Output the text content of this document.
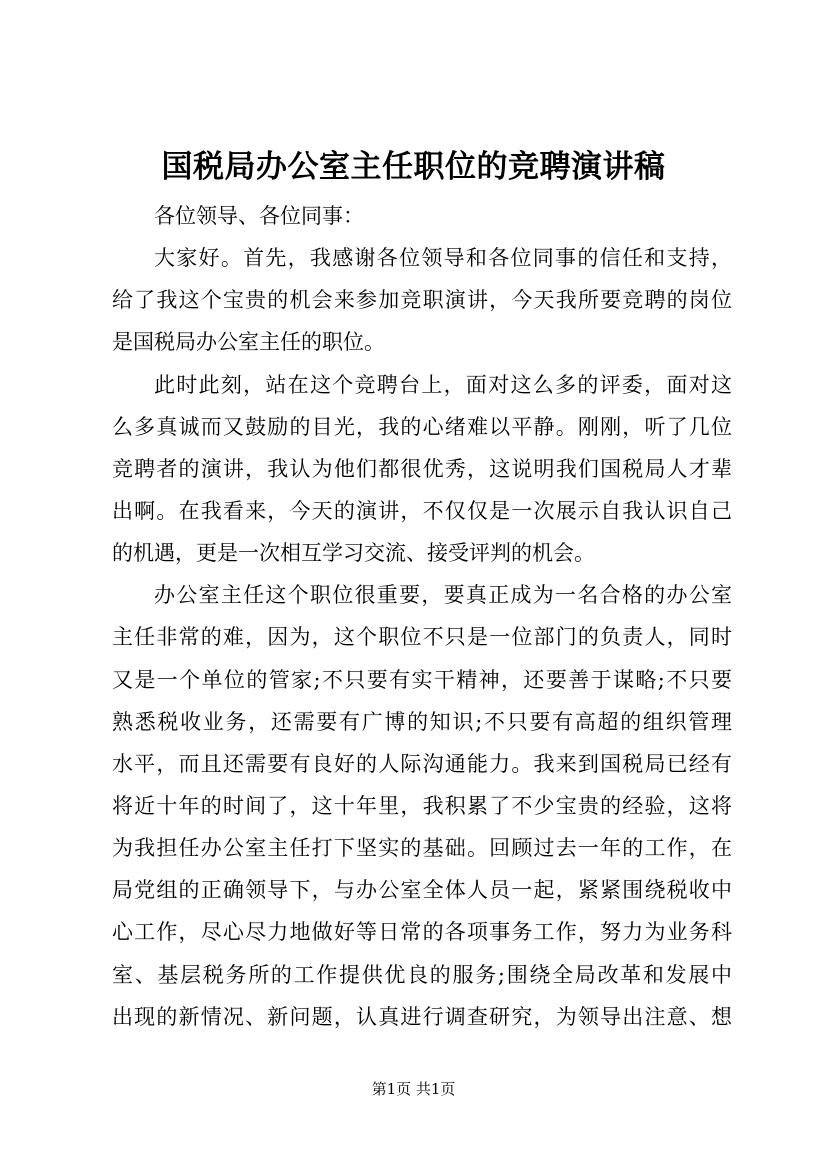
国税局办公室主任职位的竞聘演讲稿
各位领导、各位同事：
大家好。首先，我感谢各位领导和各位同事的信任和支持，
给了我这个宝贵的机会来参加竞职演讲，今天我所要竞聘的岗位
是国税局办公室主任的职位。
此时此刻，站在这个竞聘台上，面对这么多的评委，面对这
么多真诚而又鼓励的目光，我的心绪难以平静。刚刚，听了几位
竞聘者的演讲，我认为他们都很优秀，这说明我们国税局人才辈
出啊。在我看来，今天的演讲，不仅仅是一次展示自我认识自己
的机遇，更是一次相互学习交流、接受评判的机会。
办公室主任这个职位很重要，要真正成为一名合格的办公室
主任非常的难，因为，这个职位不只是一位部门的负责人，同时
又是一个单位的管家;不只要有实干精神，还要善于谋略;不只要
熟悉税收业务，还需要有广博的知识;不只要有高超的组织管理
水平，而且还需要有良好的人际沟通能力。我来到国税局已经有
将近十年的时间了，这十年里，我积累了不少宝贵的经验，这将
为我担任办公室主任打下坚实的基础。回顾过去一年的工作，在
局党组的正确领导下，与办公室全体人员一起，紧紧围绕税收中
心工作，尽心尽力地做好等日常的各项事务工作，努力为业务科
室、基层税务所的工作提供优良的服务;围绕全局改革和发展中
出现的新情况、新问题，认真进行调查研究，为领导出注意、想
第1页 共1页
